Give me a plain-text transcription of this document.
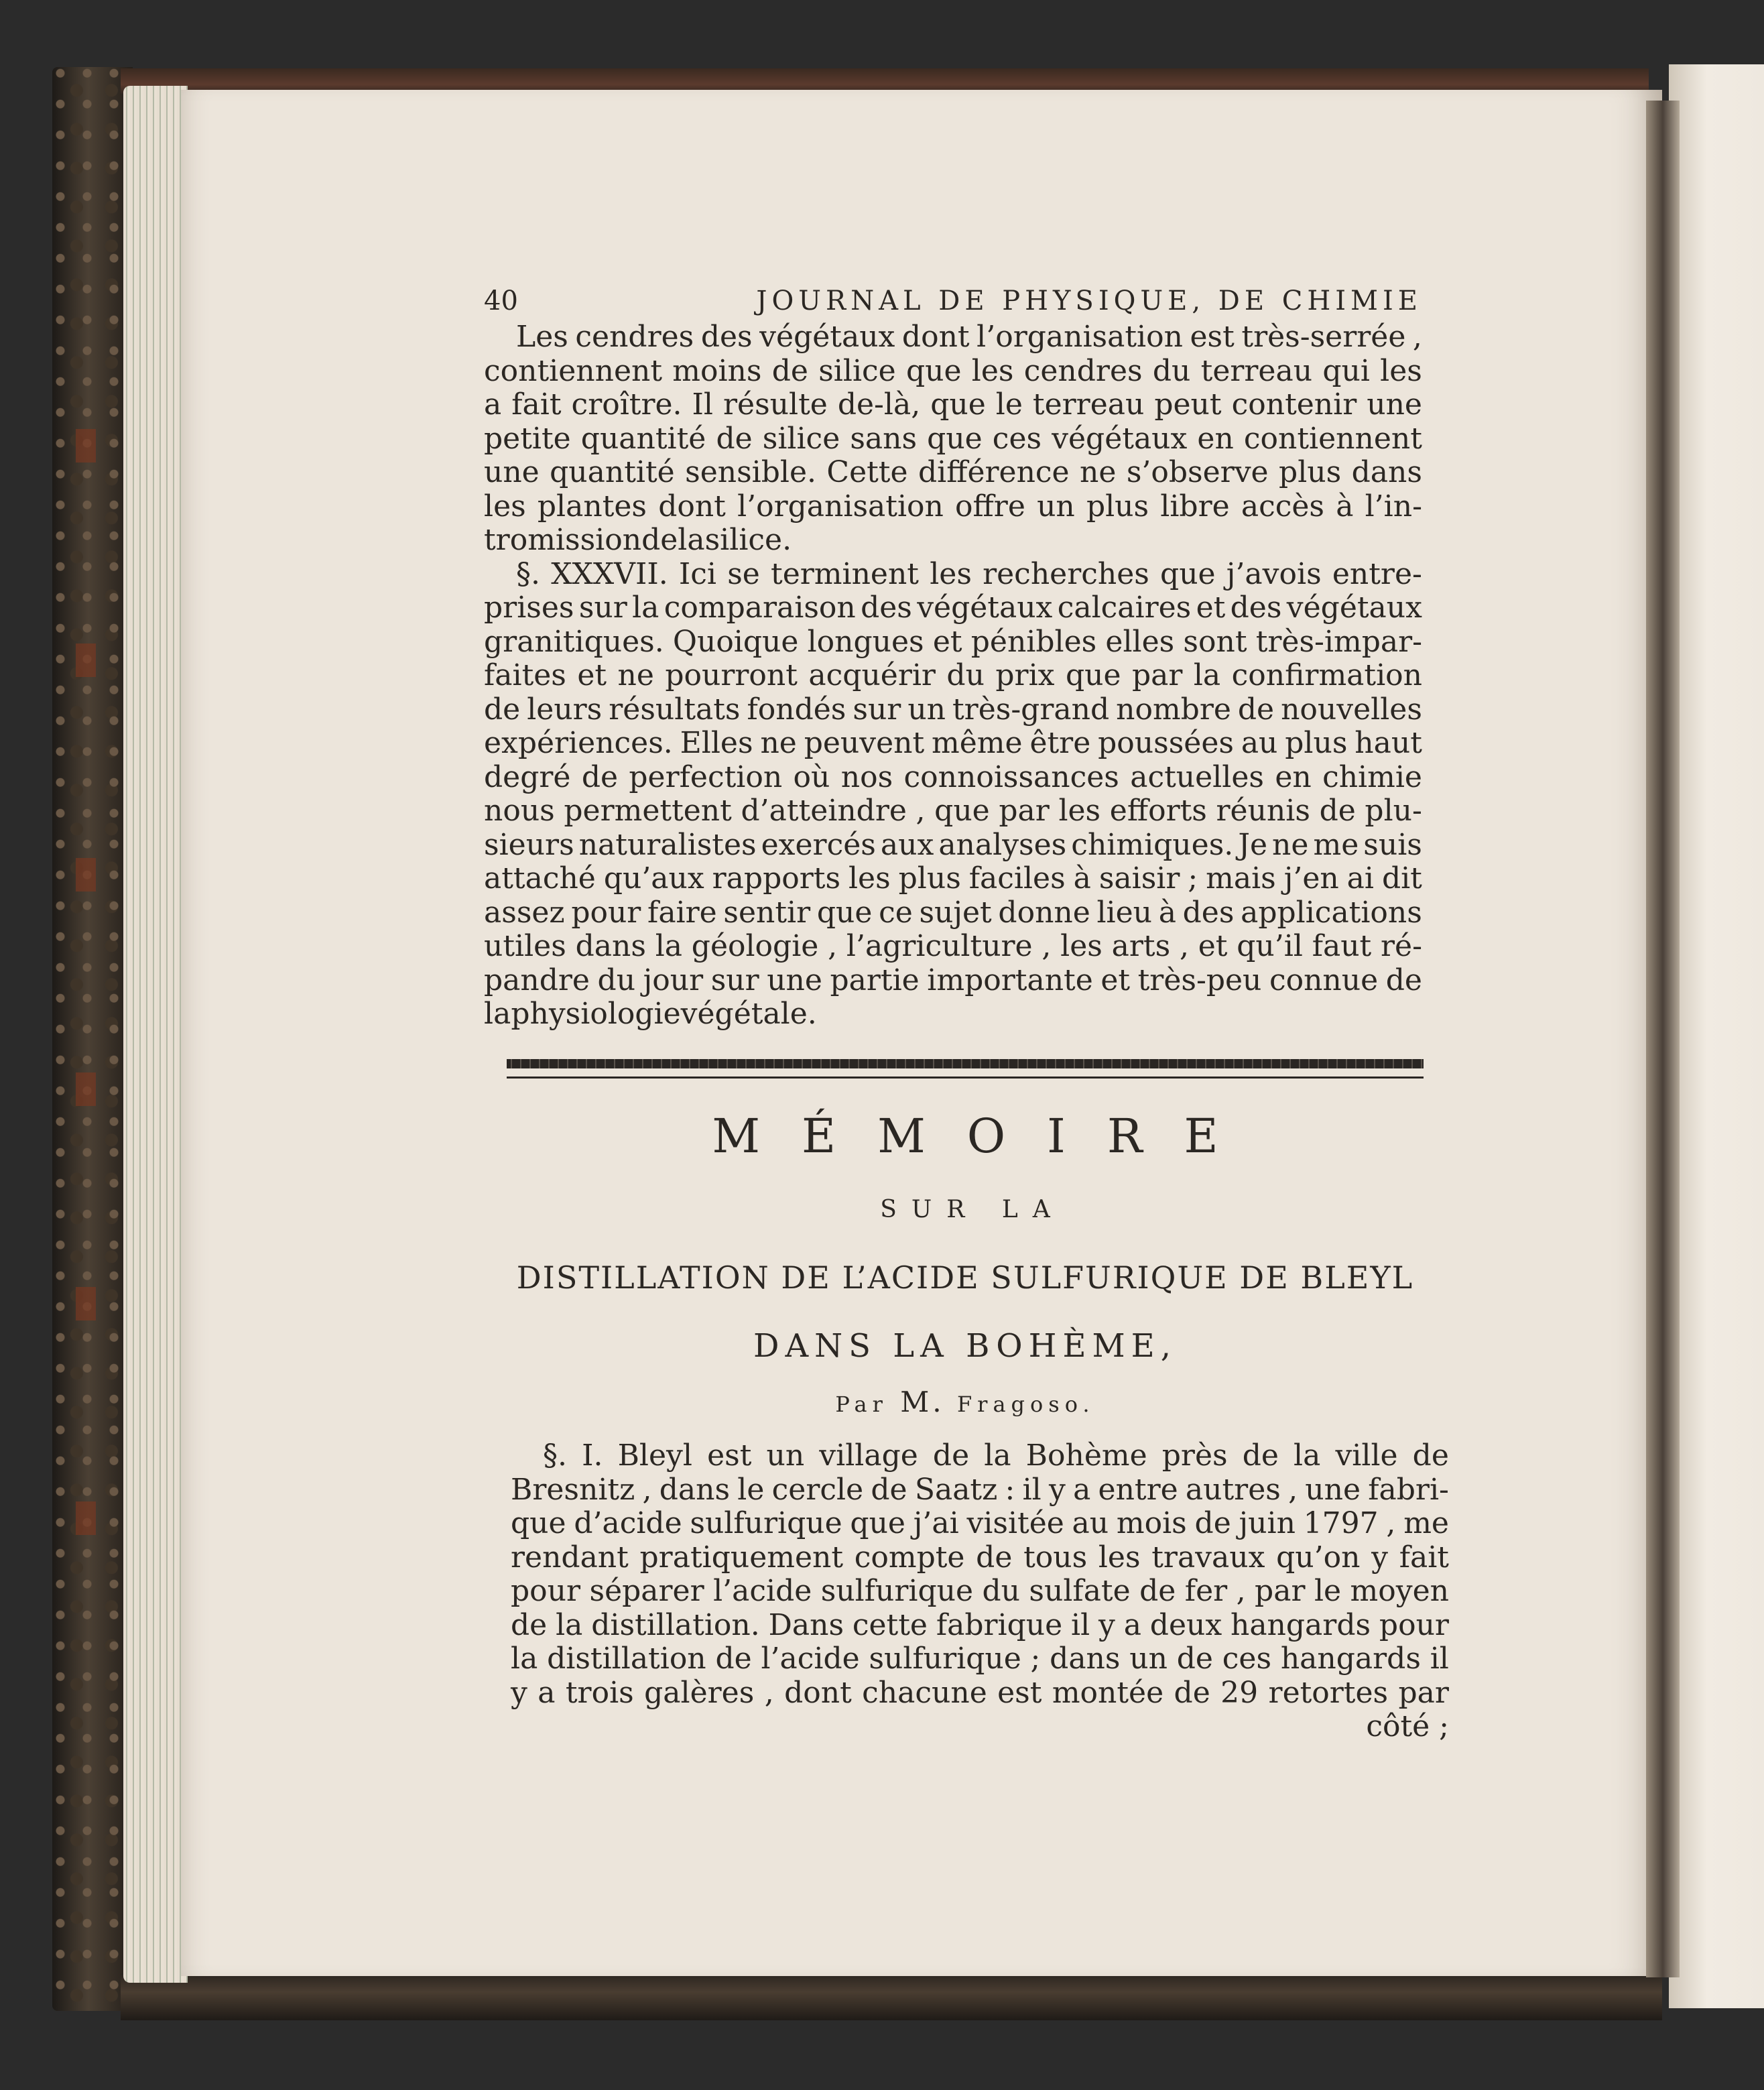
40	JOURNAL DE PHYSIQUE, DE CHIMIE
Les cendres des végétaux dont l’organisation est très-serrée ,
contiennent moins de silice que les cendres du terreau qui les
a fait croître. Il résulte de-là, que le terreau peut contenir une
petite quantité de silice sans que ces végétaux en contiennent
une quantité sensible. Cette différence ne s’observe plus dans
les plantes dont l’organisation offre un plus libre accès à l’in-
tromission de la silice.
§. XXXVII. Ici se terminent les recherches que j’avois entre-
prises sur la comparaison des végétaux calcaires et des végétaux
granitiques. Quoique longues et pénibles elles sont très-impar-
faites et ne pourront acquérir du prix que par la confirmation
de leurs résultats fondés sur un très-grand nombre de nouvelles
expériences. Elles ne peuvent même être poussées au plus haut
degré de perfection où nos connoissances actuelles en chimie
nous permettent d’atteindre , que par les efforts réunis de plu-
sieurs naturalistes exercés aux analyses chimiques. Je ne me suis
attaché qu’aux rapports les plus faciles à saisir ; mais j’en ai dit
assez pour faire sentir que ce sujet donne lieu à des applications
utiles dans la géologie , l’agriculture , les arts , et qu’il faut ré-
pandre du jour sur une partie importante et très-peu connue de
la physiologie végétale.
MÉMOIRE
SUR LA
DISTILLATION DE L’ACIDE SULFURIQUE DE BLEYL
DANS LA BOHÈME,
Par M. Fragoso.
§. I. Bleyl est un village de la Bohème près de la ville de
Bresnitz , dans le cercle de Saatz : il y a entre autres , une fabri-
que d’acide sulfurique que j’ai visitée au mois de juin 1797 , me
rendant pratiquement compte de tous les travaux qu’on y fait
pour séparer l’acide sulfurique du sulfate de fer , par le moyen
de la distillation. Dans cette fabrique il y a deux hangards pour
la distillation de l’acide sulfurique ; dans un de ces hangards il
y a trois galères , dont chacune est montée de 29 retortes par
côté ;
